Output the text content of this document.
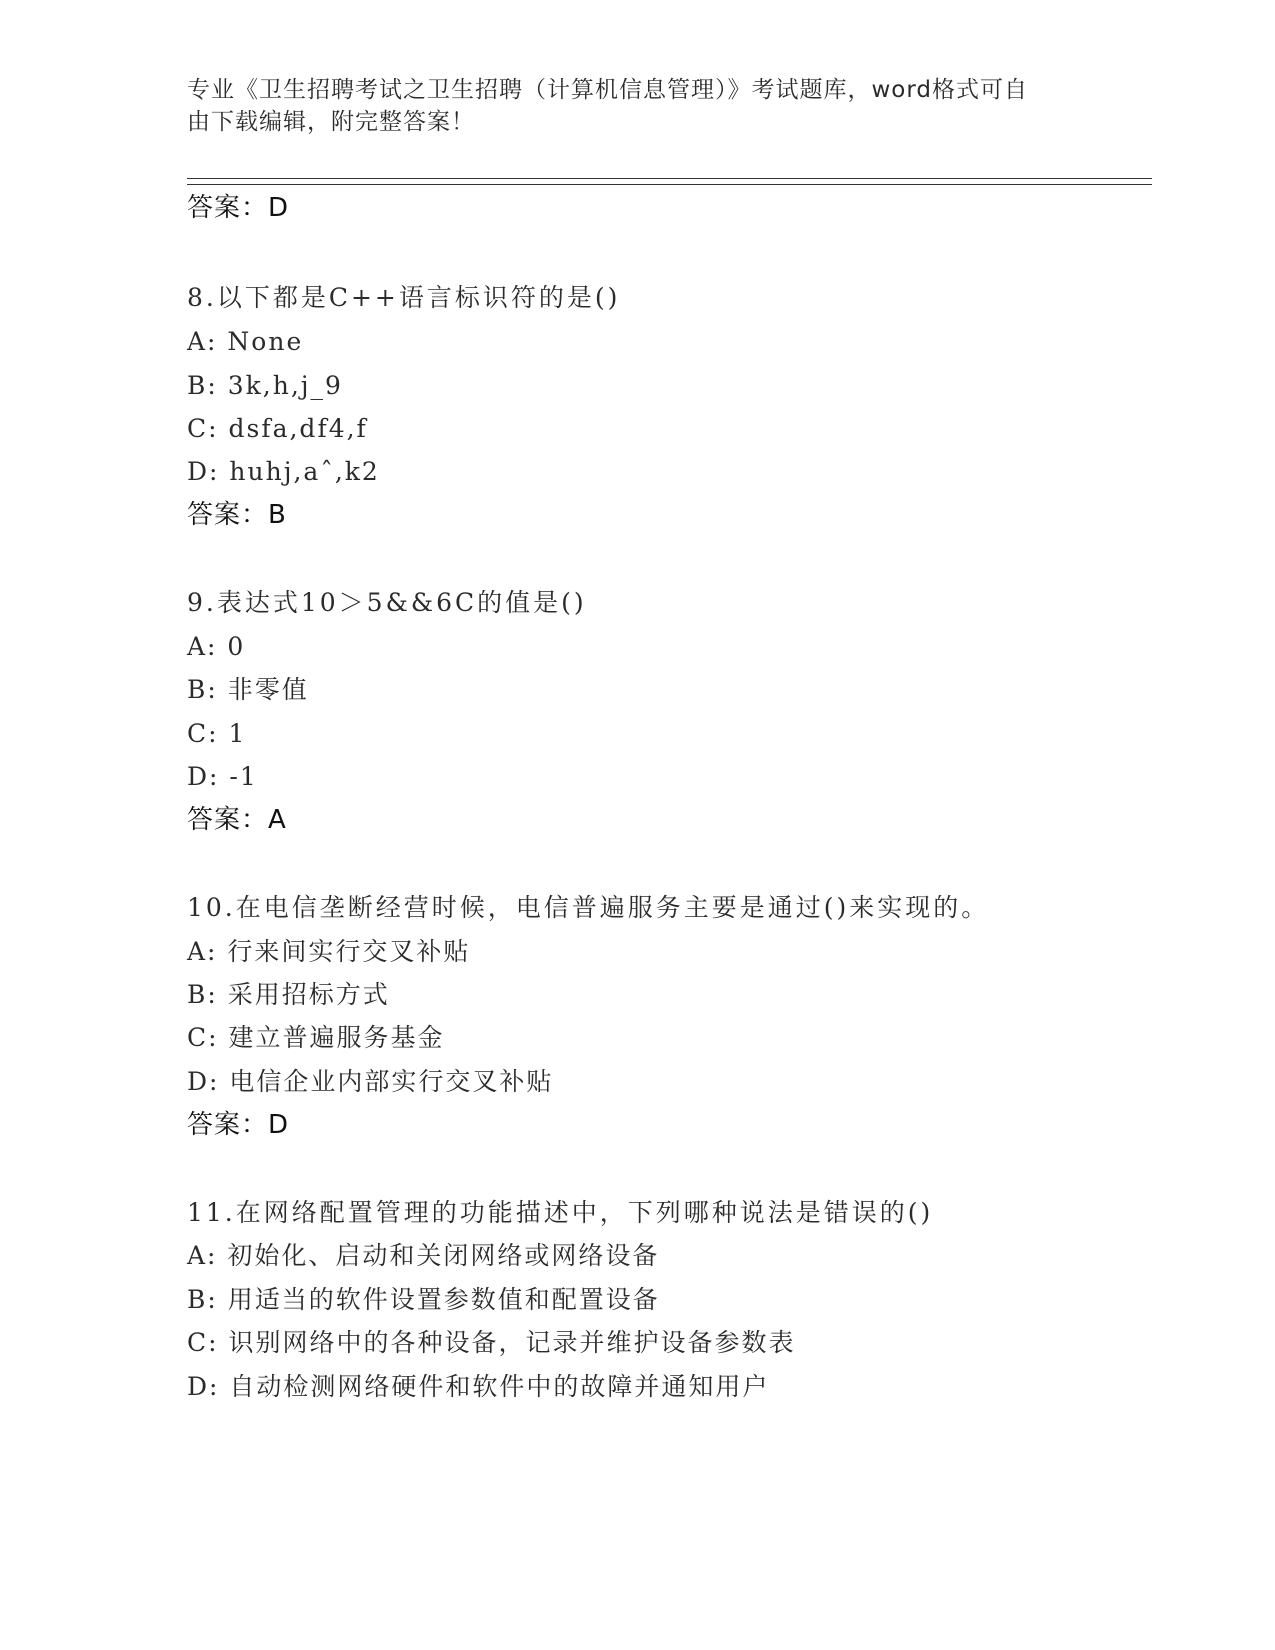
专业《卫生招聘考试之卫生招聘（计算机信息管理）》考试题库，word格式可自
由下载编辑，附完整答案！
答案：D
8.以下都是C++语言标识符的是()
A: None
B: 3k,h,j_9
C: dsfa,df4,f
D: huhj,aˆ,k2
答案：B
9.表达式10＞5&&6C的值是()
A: 0
B: 非零值
C: 1
D: -1
答案：A
10.在电信垄断经营时候，电信普遍服务主要是通过()来实现的。
A: 行来间实行交叉补贴
B: 采用招标方式
C: 建立普遍服务基金
D: 电信企业内部实行交叉补贴
答案：D
11.在网络配置管理的功能描述中，下列哪种说法是错误的()
A: 初始化、启动和关闭网络或网络设备
B: 用适当的软件设置参数值和配置设备
C: 识别网络中的各种设备，记录并维护设备参数表
D: 自动检测网络硬件和软件中的故障并通知用户
